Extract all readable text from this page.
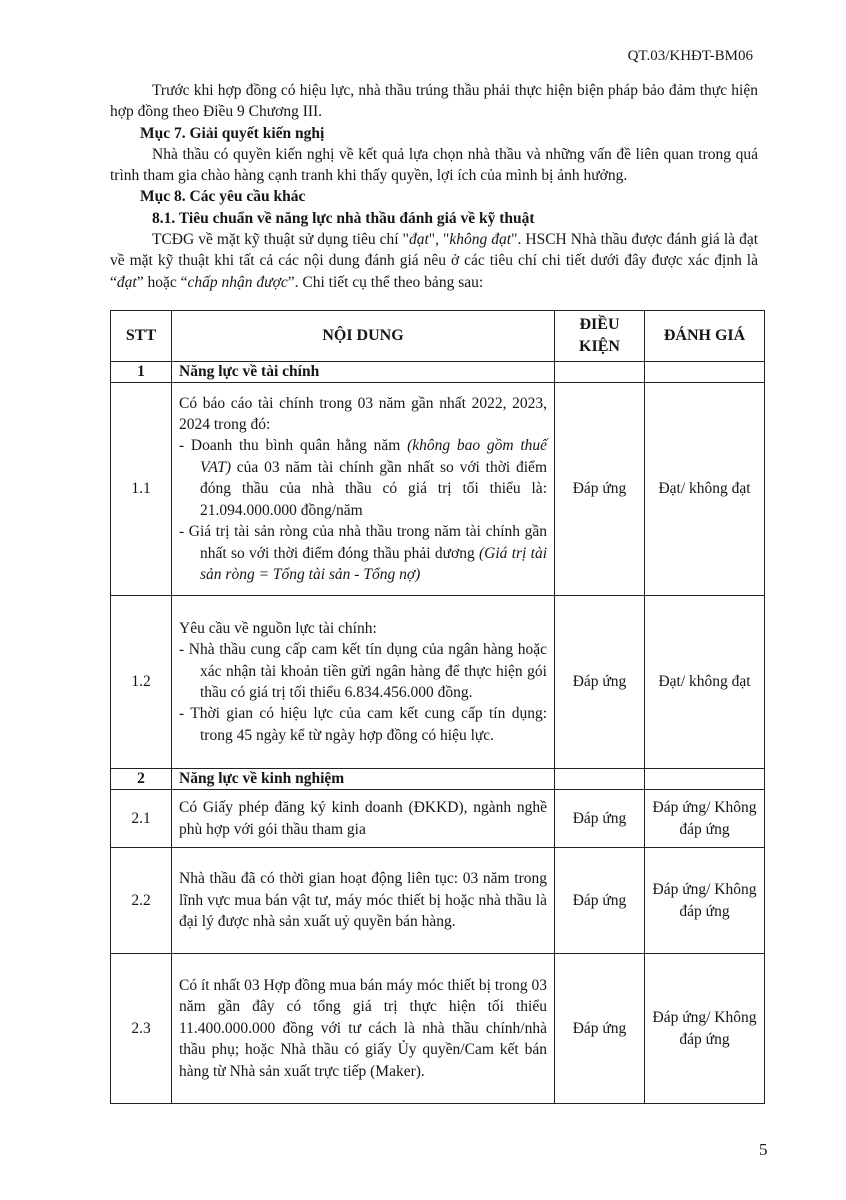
QT.03/KHĐT-BM06

Trước khi hợp đồng có hiệu lực, nhà thầu trúng thầu phải thực hiện biện pháp bảo đảm thực hiện hợp đồng theo Điều 9 Chương III.

Mục 7. Giải quyết kiến nghị

Nhà thầu có quyền kiến nghị về kết quả lựa chọn nhà thầu và những vấn đề liên quan trong quá trình tham gia chào hàng cạnh tranh khi thấy quyền, lợi ích của mình bị ảnh hưởng.

Mục 8. Các yêu cầu khác

8.1. Tiêu chuẩn về năng lực nhà thầu đánh giá về kỹ thuật

TCĐG về mặt kỹ thuật sử dụng tiêu chí "đạt", "không đạt". HSCH Nhà thầu được đánh giá là đạt về mặt kỹ thuật khi tất cả các nội dung đánh giá nêu ở các tiêu chí chi tiết dưới đây được xác định là “đạt” hoặc “chấp nhận được”. Chi tiết cụ thể theo bảng sau:

STT	NỘI DUNG	ĐIỀU KIỆN	ĐÁNH GIÁ
1	Năng lực về tài chính		
1.1	Có báo cáo tài chính trong 03 năm gần nhất 2022, 2023, 2024 trong đó:
- Doanh thu bình quân hằng năm (không bao gồm thuế VAT) của 03 năm tài chính gần nhất so với thời điểm đóng thầu của nhà thầu có giá trị tối thiểu là: 21.094.000.000 đồng/năm
- Giá trị tài sản ròng của nhà thầu trong năm tài chính gần nhất so với thời điểm đóng thầu phải dương (Giá trị tài sản ròng = Tổng tài sản - Tổng nợ)	Đáp ứng	Đạt/ không đạt
1.2	Yêu cầu về nguồn lực tài chính:
- Nhà thầu cung cấp cam kết tín dụng của ngân hàng hoặc xác nhận tài khoản tiền gửi ngân hàng để thực hiện gói thầu có giá trị tối thiểu 6.834.456.000 đồng.
- Thời gian có hiệu lực của cam kết cung cấp tín dụng: trong 45 ngày kể từ ngày hợp đồng có hiệu lực.	Đáp ứng	Đạt/ không đạt
2	Năng lực về kinh nghiệm		
2.1	Có Giấy phép đăng ký kinh doanh (ĐKKD), ngành nghề phù hợp với gói thầu tham gia	Đáp ứng	Đáp ứng/ Không
đáp ứng

2.2	Nhà thầu đã có thời gian hoạt động liên tục: 03 năm trong lĩnh vực mua bán vật tư, máy móc thiết bị hoặc nhà thầu là đại lý được nhà sản xuất uỷ quyền bán hàng.	Đáp ứng	Đáp ứng/ Không
đáp ứng

2.3	Có ít nhất 03 Hợp đồng mua bán máy móc thiết bị trong 03 năm gần đây có tổng giá trị thực hiện tối thiểu 11.400.000.000 đồng với tư cách là nhà thầu chính/nhà thầu phụ; hoặc Nhà thầu có giấy Ủy quyền/Cam kết bán hàng từ Nhà sản xuất trực tiếp (Maker).	Đáp ứng	Đáp ứng/ Không
đáp ứng
5
